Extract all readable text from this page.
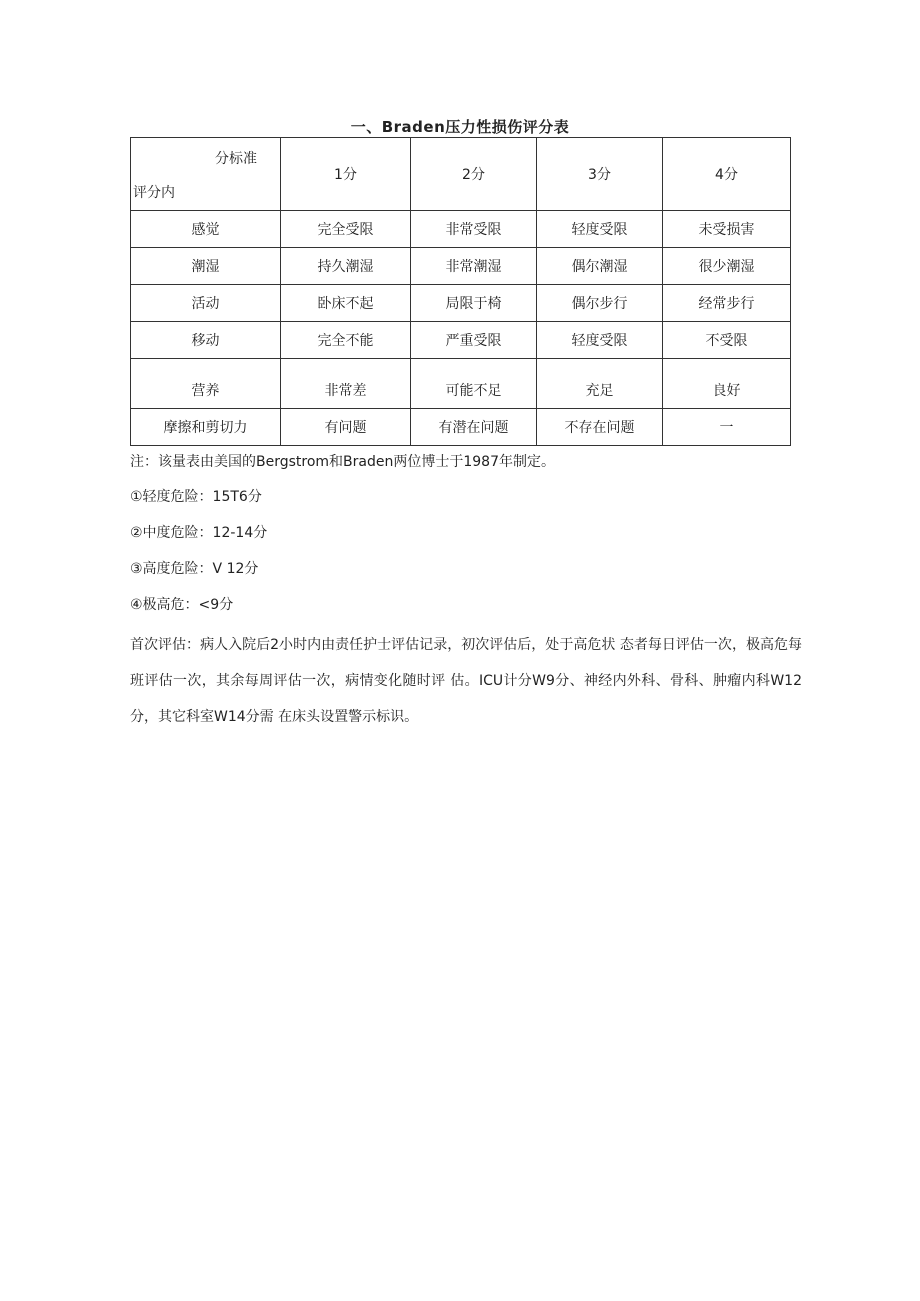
一、Braden压力性损伤评分表
分标准
评分内	1分	2分	3分	4分
感觉	完全受限	非常受限	轻度受限	未受损害
潮湿	持久潮湿	非常潮湿	偶尔潮湿	很少潮湿
活动	卧床不起	局限于椅	偶尔步行	经常步行
移动	完全不能	严重受限	轻度受限	不受限
营养	非常差	可能不足	充足	良好
摩擦和剪切力	有问题	有潜在问题	不存在问题	一
注：该量表由美国的Bergstrom和Braden两位博士于1987年制定。
①轻度危险：15T6分
②中度危险：12-14分
③高度危险：V 12分
④极高危：<9分
首次评估：病人入院后2小时内由责任护士评估记录，初次评估后，处于高危状 态者每日评估一次，极高危每班评估一次，其余每周评估一次，病情变化随时评 估。ICU计分W9分、神经内外科、骨科、肿瘤内科W12分，其它科室W14分需 在床头设置警示标识。
